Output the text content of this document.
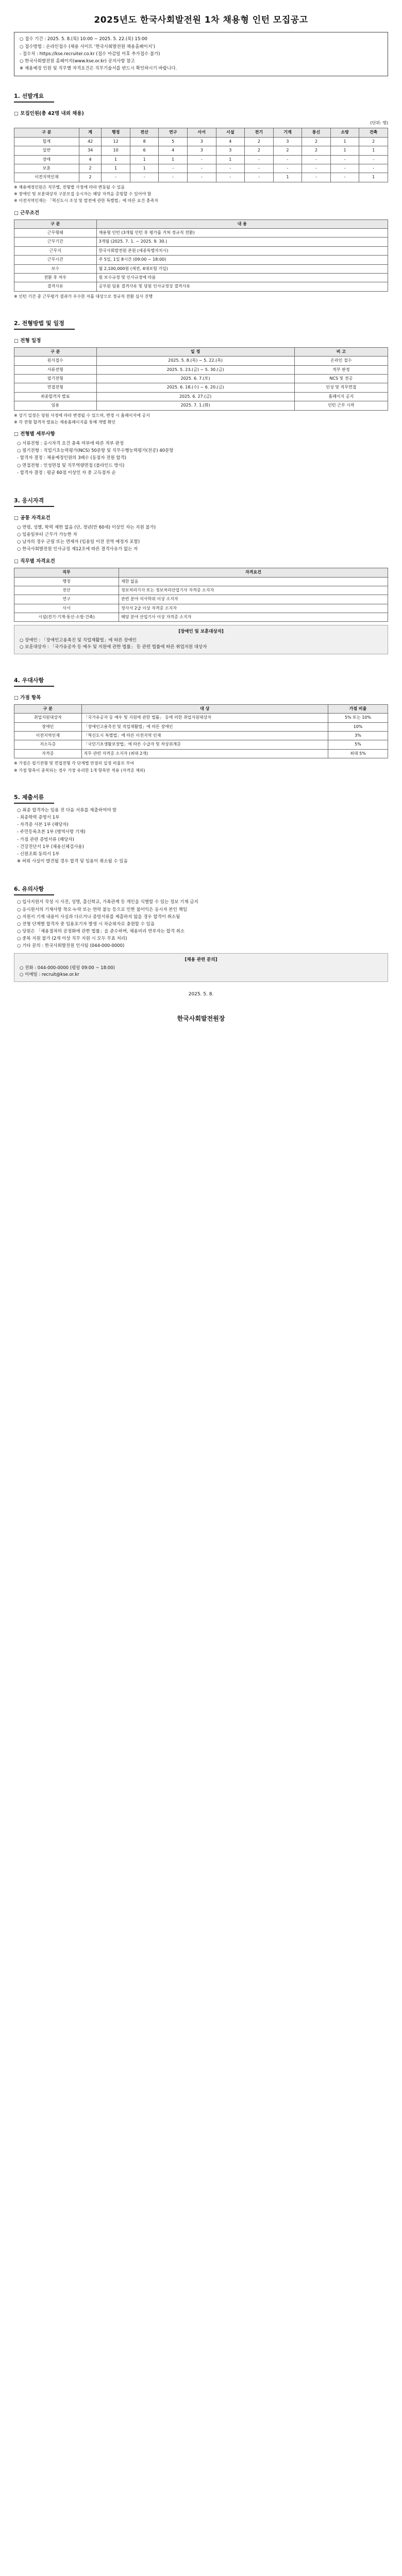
2025년도 한국사회발전원 1차 채용형 인턴 모집공고

○ 접수 기간 : 2025. 5. 8.(목) 10:00 ~ 2025. 5. 22.(목) 15:00

○ 접수방법 : 온라인접수 (채용 사이트 ‘한국사회발전원 채용홈페이지’)

- 접수처 : https://kse.recruiter.co.kr (접수 마감일 이후 추가접수 불가)

○ 한국사회발전원 홈페이지(www.kse.or.kr) 공지사항 참고

※ 채용예정 인원 및 직무별 자격요건은 직무기술서를 반드시 확인하시기 바랍니다.

1. 선발개요
□ 모집인원(총 42명 내외 채용)
(단위: 명)
구 분	계	행정	전산	연구	사서	시설	전기	기계	통신	소방	건축
합계	42	12	8	5	3	4	2	3	2	1	2
일반	34	10	6	4	3	3	2	2	2	1	1
장애	4	1	1	1	-	1	-	-	-	-	-
보훈	2	1	1	-	-	-	-	-	-	-	-
이전지역인재	2	-	-	-	-	-	-	1	-	-	1
※ 채용예정인원은 직무별, 전형별 사정에 따라 변동될 수 있음
※ 장애인 및 보훈대상자 구분모집 응시자는 해당 자격을 증빙할 수 있어야 함
※ 이전지역인재는 「혁신도시 조성 및 발전에 관한 특별법」에 따른 요건 충족자
□ 근무조건
구 분	내 용
근무형태	채용형 인턴 (3개월 인턴 후 평가를 거쳐 정규직 전환)
근무기간	3개월 (2025. 7. 1. ~ 2025. 9. 30.)
근무지	한국사회발전원 본원 (세종특별자치시)
근무시간	주 5일, 1일 8시간 (09:00 ~ 18:00)
보수	월 2,100,000원 (세전, 4대보험 가입)
전환 후 처우	원 보수규정 및 인사규정에 따름
결격사유	공무원 임용 결격사유 및 당원 인사규정상 결격사유
※ 인턴 기간 중 근무평가 결과가 우수한 자를 대상으로 정규직 전환 심사 진행
2. 전형방법 및 일정
□ 전형 일정
구 분	일 정	비 고
원서접수	2025. 5. 8.(목) ~ 5. 22.(목)	온라인 접수
서류전형	2025. 5. 23.(금) ~ 5. 30.(금)	적부 판정
필기전형	2025. 6. 7.(토)	NCS 및 전공
면접전형	2025. 6. 18.(수) ~ 6. 20.(금)	인성 및 직무면접
최종합격자 발표	2025. 6. 27.(금)	홈페이지 공지
임용	2025. 7. 1.(화)	인턴 근무 시작
※ 상기 일정은 당원 사정에 따라 변경될 수 있으며, 변경 시 홈페이지에 공지
※ 각 전형 합격자 발표는 채용홈페이지를 통해 개별 확인
□ 전형별 세부사항
○ 서류전형 : 응시자격 요건 충족 여부에 따른 적부 판정
○ 필기전형 : 직업기초능력평가(NCS) 50문항 및 직무수행능력평가(전공) 40문항
- 합격자 결정 : 채용예정인원의 3배수 (동점자 전원 합격)
○ 면접전형 : 인성면접 및 직무역량면접 (블라인드 방식)
- 합격자 결정 : 평균 60점 이상인 자 중 고득점자 순
3. 응시자격
□ 공통 자격요건
○ 연령, 성별, 학력 제한 없음 (단, 정년(만 60세) 이상인 자는 지원 불가)
○ 임용일부터 근무가 가능한 자
○ 남자의 경우 군필 또는 면제자 (임용일 이전 전역 예정자 포함)
○ 한국사회발전원 인사규정 제12조에 따른 결격사유가 없는 자
□ 직무별 자격요건
직무	자격요건
행정	제한 없음
전산	정보처리기사 또는 정보처리산업기사 자격증 소지자
연구	관련 분야 석사학위 이상 소지자
사서	정사서 2급 이상 자격증 소지자
시설(전기·기계·통신·소방·건축)	해당 분야 산업기사 이상 자격증 소지자
[장애인 및 보훈대상자]
○ 장애인 : 「장애인고용촉진 및 직업재활법」에 따른 장애인
○ 보훈대상자 : 「국가유공자 등 예우 및 지원에 관한 법률」 등 관련 법률에 따른 취업지원 대상자
4. 우대사항
□ 가점 항목
구 분	대 상	가점 비율
취업지원대상자	「국가유공자 등 예우 및 지원에 관한 법률」 등에 의한 취업지원대상자	5% 또는 10%
장애인	「장애인고용촉진 및 직업재활법」에 따른 장애인	10%
이전지역인재	「혁신도시 특별법」에 따른 이전지역 인재	3%
저소득층	「국민기초생활보장법」에 따른 수급자 및 차상위계층	5%
자격증	직무 관련 자격증 소지자 (최대 2개)	최대 5%
※ 가점은 필기전형 및 면접전형 각 단계별 만점의 일정 비율로 부여
※ 가점 항목이 중복되는 경우 가장 유리한 1개 항목만 적용 (자격증 제외)
5. 제출서류
○ 최종 합격자는 임용 전 다음 서류를 제출하여야 함
- 최종학력 증명서 1부
- 자격증 사본 1부 (해당자)
- 주민등록초본 1부 (병역사항 기재)
- 가점 관련 증빙서류 (해당자)
- 건강진단서 1부 (채용신체검사용)
- 신원조회 동의서 1부
※ 허위 사실이 발견될 경우 합격 및 임용이 취소될 수 있음
6. 유의사항
○ 입사지원서 작성 시 사진, 성명, 출신학교, 가족관계 등 개인을 식별할 수 있는 정보 기재 금지
○ 응시원서의 기재사항 착오·누락 또는 연락 불능 등으로 인한 불이익은 응시자 본인 책임
○ 지원서 기재 내용이 사실과 다르거나 증빙서류를 제출하지 않을 경우 합격이 취소됨
○ 전형 단계별 합격자 중 임용포기자 발생 시 차순위자로 충원할 수 있음
○ 당원은 「채용절차의 공정화에 관한 법률」을 준수하며, 채용비리 연루자는 합격 취소
○ 중복 지원 불가 (2개 이상 직무 지원 시 모두 무효 처리)
○ 기타 문의 : 한국사회발전원 인사팀 (044-000-0000)
[채용 관련 문의]
○ 전화 : 044-000-0000 (평일 09:00 ~ 18:00)
○ 이메일 : recruit@kse.or.kr
2025. 5. 8.
한국사회발전원장
